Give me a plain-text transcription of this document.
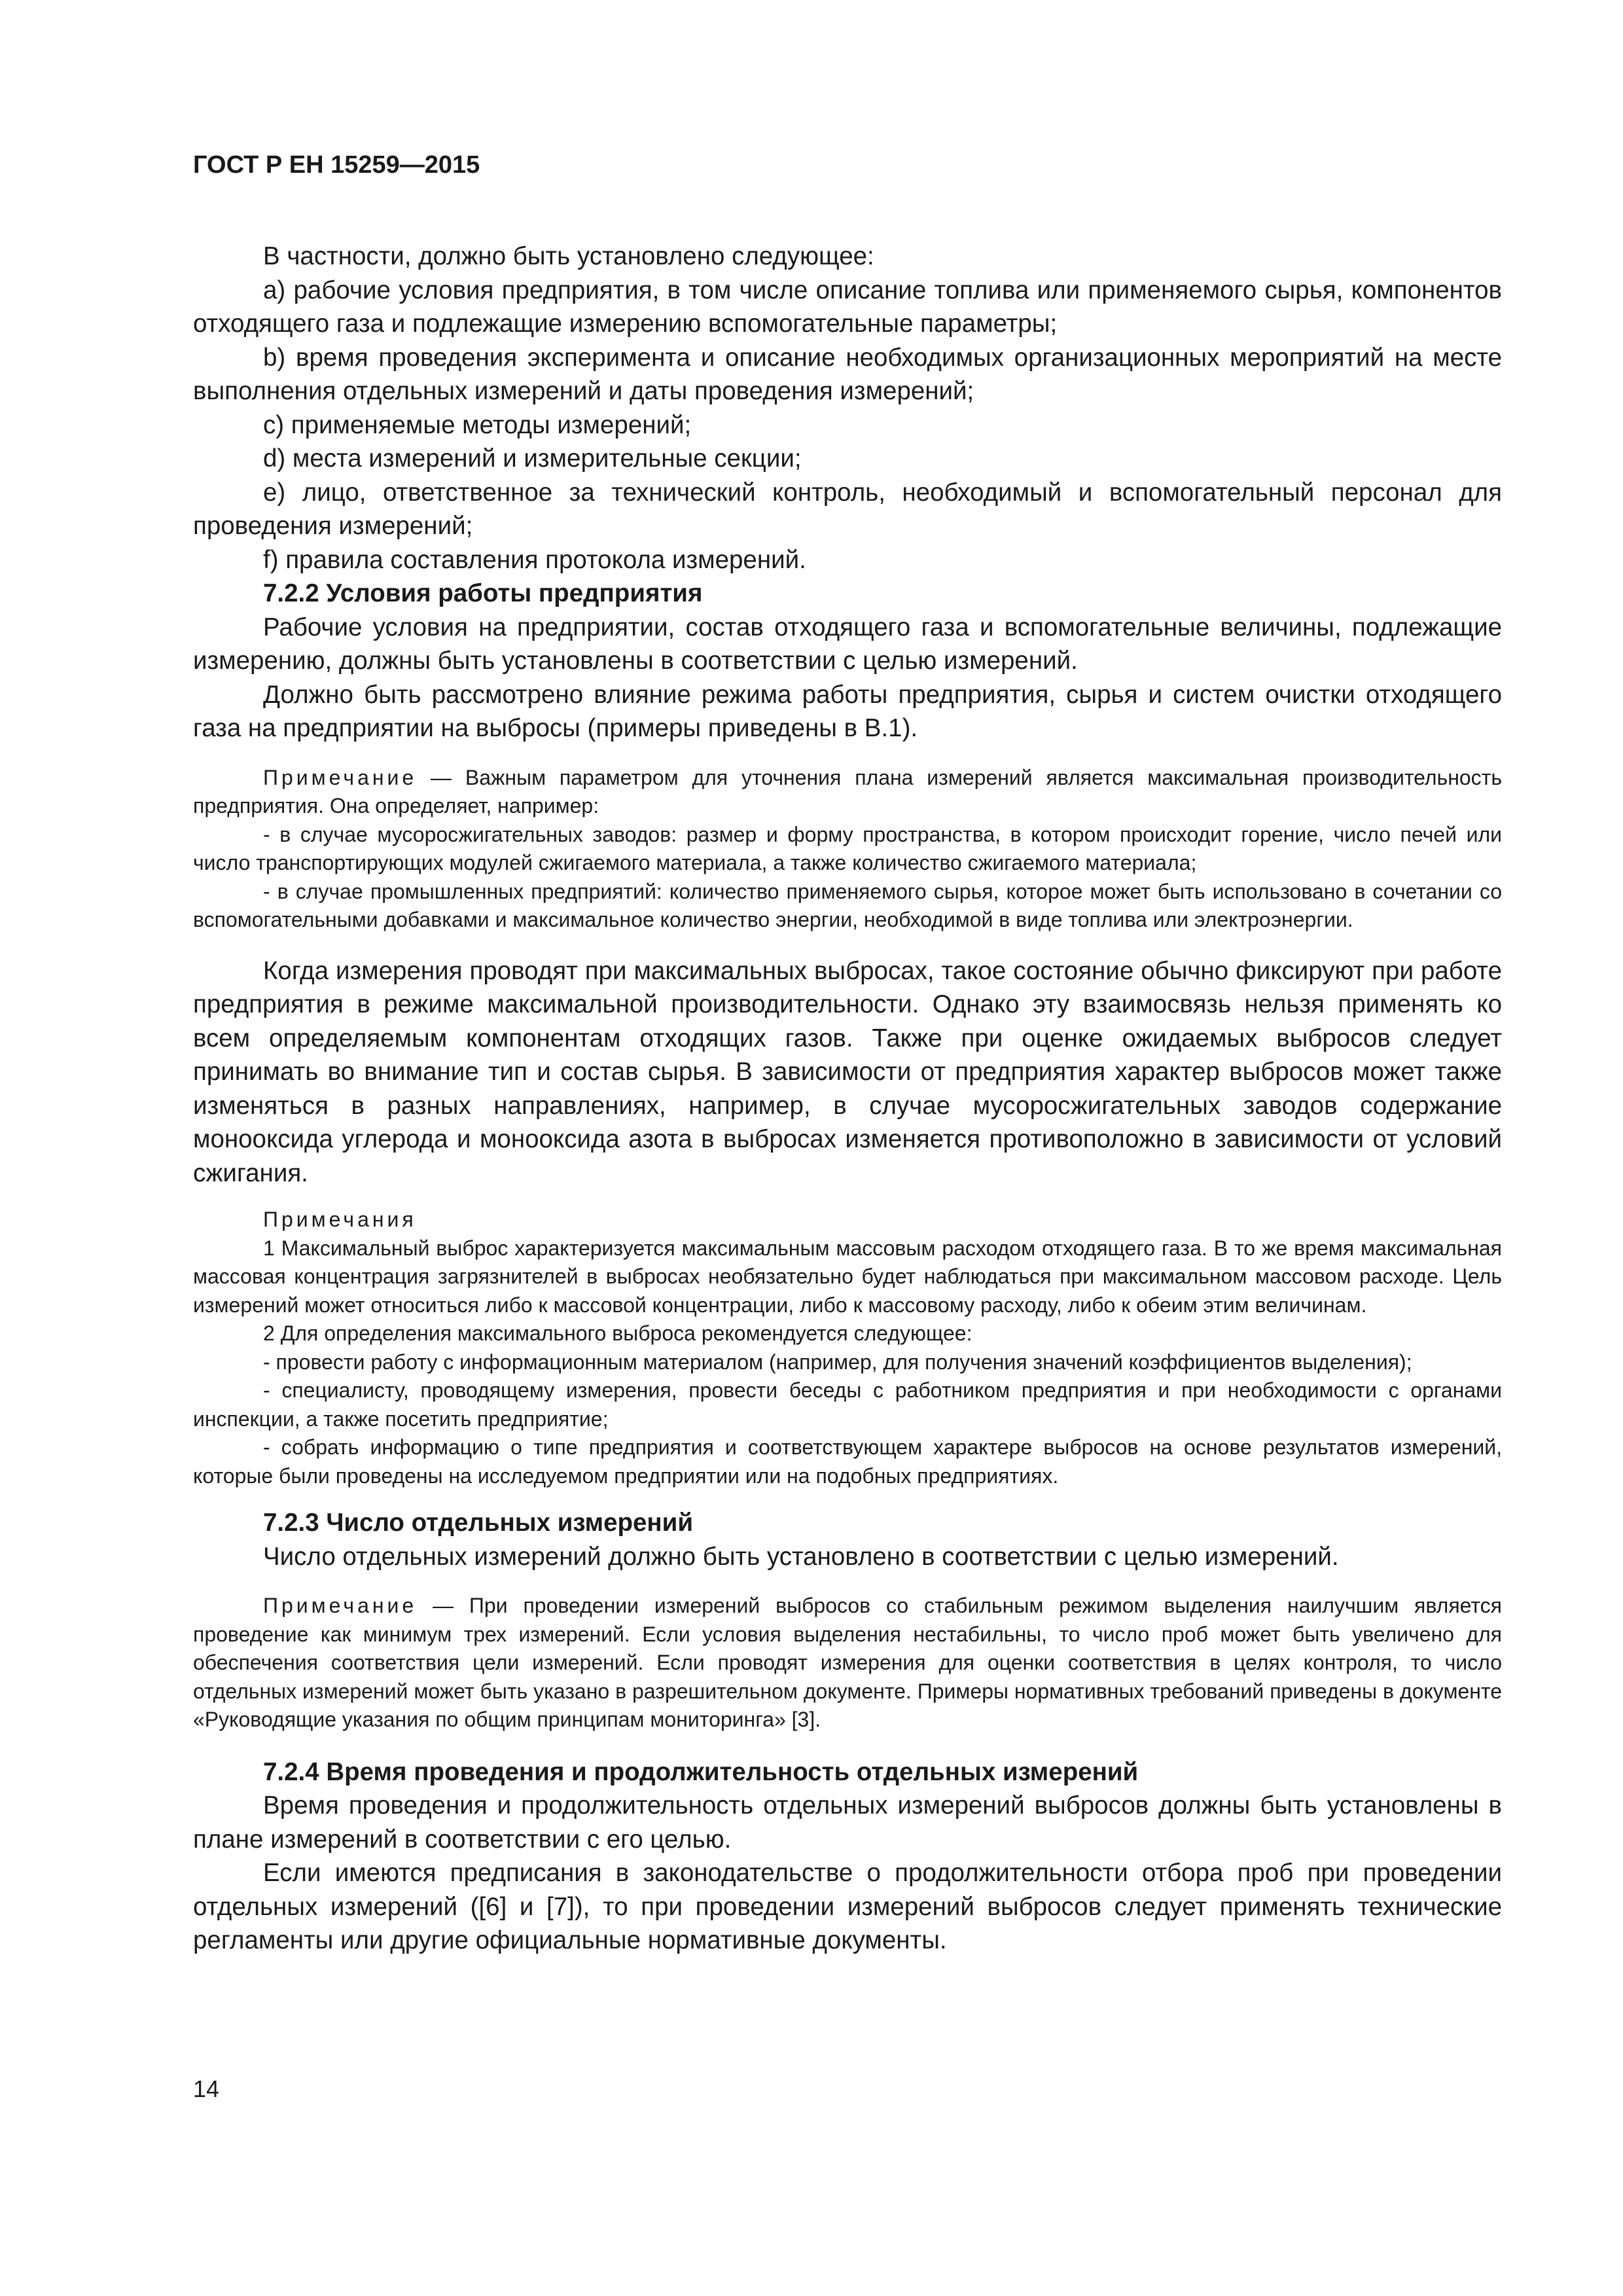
ГОСТ Р ЕН 15259—2015

В частности, должно быть установлено следующее:

а) рабочие условия предприятия, в том числе описание топлива или применяемого сырья, компонентов отходящего газа и подлежащие измерению вспомогательные параметры;

b) время проведения эксперимента и описание необходимых организационных мероприятий на месте выполнения отдельных измерений и даты проведения измерений;

c) применяемые методы измерений;

d) места измерений и измерительные секции;

e) лицо, ответственное за технический контроль, необходимый и вспомогательный персонал для проведения измерений;

f) правила составления протокола измерений.

7.2.2 Условия работы предприятия

Рабочие условия на предприятии, состав отходящего газа и вспомогательные величины, подлежащие измерению, должны быть установлены в соответствии с целью измерений.

Должно быть рассмотрено влияние режима работы предприятия, сырья и систем очистки отходящего газа на предприятии на выбросы (примеры приведены в В.1).

Примечание — Важным параметром для уточнения плана измерений является максимальная производительность предприятия. Она определяет, например:

- в случае мусоросжигательных заводов: размер и форму пространства, в котором происходит горение, число печей или число транспортирующих модулей сжигаемого материала, а также количество сжигаемого материала;

- в случае промышленных предприятий: количество применяемого сырья, которое может быть использовано в сочетании со вспомогательными добавками и максимальное количество энергии, необходимой в виде топлива или электроэнергии.

Когда измерения проводят при максимальных выбросах, такое состояние обычно фиксируют при работе предприятия в режиме максимальной производительности. Однако эту взаимосвязь нельзя применять ко всем определяемым компонентам отходящих газов. Также при оценке ожидаемых выбросов следует принимать во внимание тип и состав сырья. В зависимости от предприятия характер выбросов может также изменяться в разных направлениях, например, в случае мусоросжигательных заводов содержание монооксида углерода и монооксида азота в выбросах изменяется противоположно в зависимости от условий сжигания.

Примечания

1 Максимальный выброс характеризуется максимальным массовым расходом отходящего газа. В то же время максимальная массовая концентрация загрязнителей в выбросах необязательно будет наблюдаться при максимальном массовом расходе. Цель измерений может относиться либо к массовой концентрации, либо к массовому расходу, либо к обеим этим величинам.

2 Для определения максимального выброса рекомендуется следующее:

- провести работу с информационным материалом (например, для получения значений коэффициентов выделения);

- специалисту, проводящему измерения, провести беседы с работником предприятия и при необходимости с органами инспекции, а также посетить предприятие;

- собрать информацию о типе предприятия и соответствующем характере выбросов на основе результатов измерений, которые были проведены на исследуемом предприятии или на подобных предприятиях.

7.2.3 Число отдельных измерений

Число отдельных измерений должно быть установлено в соответствии с целью измерений.

Примечание — При проведении измерений выбросов со стабильным режимом выделения наилучшим является проведение как минимум трех измерений. Если условия выделения нестабильны, то число проб может быть увеличено для обеспечения соответствия цели измерений. Если проводят измерения для оценки соответствия в целях контроля, то число отдельных измерений может быть указано в разрешительном документе. Примеры нормативных требований приведены в документе «Руководящие указания по общим принципам мониторинга» [3].

7.2.4 Время проведения и продолжительность отдельных измерений

Время проведения и продолжительность отдельных измерений выбросов должны быть установлены в плане измерений в соответствии с его целью.

Если имеются предписания в законодательстве о продолжительности отбора проб при проведении отдельных измерений ([6] и [7]), то при проведении измерений выбросов следует применять технические регламенты или другие официальные нормативные документы.

14
